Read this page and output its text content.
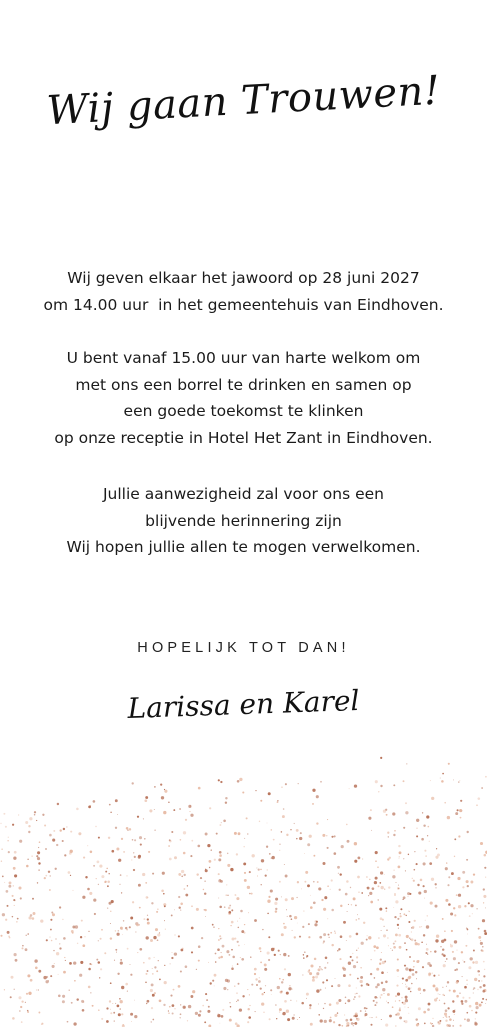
Wij gaan Trouwen!
Wij geven elkaar het jawoord op 28 juni 2027
om 14.00 uur  in het gemeentehuis van Eindhoven.
U bent vanaf 15.00 uur van harte welkom om
met ons een borrel te drinken en samen op
een goede toekomst te klinken
op onze receptie in Hotel Het Zant in Eindhoven.
Jullie aanwezigheid zal voor ons een
blijvende herinnering zijn
Wij hopen jullie allen te mogen verwelkomen.
HOPELIJK TOT DAN!
Larissa en Karel
